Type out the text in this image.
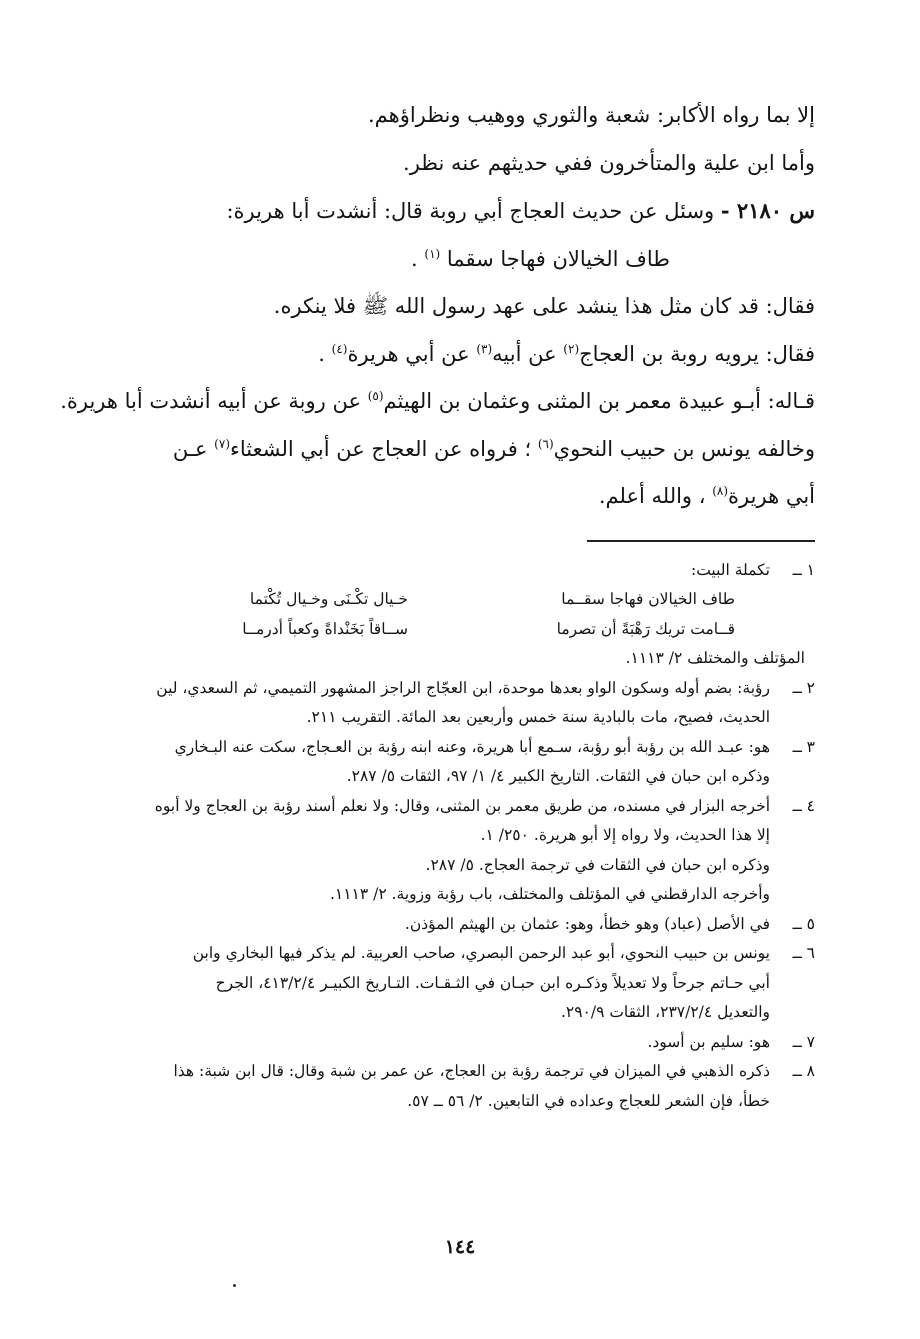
إلا بما رواه الأكابر: شعبة والثوري ووهيب ونظراؤهم.

وأما ابن علية والمتأخرون ففي حديثهم عنه نظر.

س ٢١٨٠ - وسئل عن حديث العجاج أبي روبة قال: أنشدت أبا هريرة:

طاف الخيالان فهاجا سقما $^{(١)}$ .

فقال: قد كان مثل هذا ينشد على عهد رسول الله ﷺ فلا ينكره.

فقال: يرويه روبة بن العجاج$^{(٢)}$ عن أبيه$^{(٣)}$ عن أبي هريرة$^{(٤)}$ .

قـاله: أبـو عبيدة معمر بن المثنى وعثمان بن الهيثم$^{(٥)}$ عن روبة عن أبيه أنشدت أبا هريرة.

وخالفه يونس بن حبيب النحوي$^{(٦)}$ ؛ فرواه عن العجاج عن أبي الشعثاء$^{(٧)}$ عـن

أبي هريرة$^{(٨)}$ ، والله أعلم.

١ ــ
تكملة البيت:
طاف الخيالان فهاجا سقــما
خـيال تكْـنَى وخـيال تُكْتما
قــامت تريك رَهْبَةً أن تصرما
ســاقاً بَخَنْداةً وكعباً أدرمــا
المؤتلف والمختلف ٢/ ١١١٣.
٢ ــ
رؤبة: بضم أوله وسكون الواو بعدها موحدة، ابن العجّاج الراجز المشهور التميمي، ثم السعدي، لين
الحديث، فصيح، مات بالبادية سنة خمس وأربعين بعد المائة. التقريب ٢١١.
٣ ــ
هو: عبـد الله بن رؤبة أبو رؤبة، سـمع أبا هريرة، وعنه ابنه رؤبة بن العـجاج، سكت عنه البـخاري
وذكره ابن حبان في الثقات. التاريخ الكبير ٤/ ١/ ٩٧، الثقات ٥/ ٢٨٧.
٤ ــ
أخرجه البزار في مسنده، من طريق معمر بن المثنى، وقال: ولا نعلم أسند رؤبة بن العجاج ولا أبوه
إلا هذا الحديث، ولا رواه إلا أبو هريرة. ٢٥٠/ ١.
وذكره ابن حبان في الثقات في ترجمة العجاج. ٥/ ٢٨٧.
وأخرجه الدارقطني في المؤتلف والمختلف، باب رؤبة وزوية. ٢/ ١١١٣.
٥ ــ
في الأصل (عباد) وهو خطأ، وهو: عثمان بن الهيثم المؤذن.
٦ ــ
يونس بن حبيب النحوي، أبو عبد الرحمن البصري، صاحب العربية. لم يذكر فيها البخاري وابن
أبي حـاتم جرحاً ولا تعديلاً وذكـره ابن حبـان في الثـقـات. التـاريخ الكبيـر ٤١٣/٢/٤، الجرح
والتعديل ٢٣٧/٢/٤، الثقات ٢٩٠/٩.
٧ ــ
هو: سليم بن أسود.
٨ ــ
ذكره الذهبي في الميزان في ترجمة رؤبة بن العجاج، عن عمر بن شبة وقال: قال ابن شبة: هذا
خطأ، فإن الشعر للعجاج وعداده في التابعين. ٢/ ٥٦ ــ ٥٧.
١٤٤
